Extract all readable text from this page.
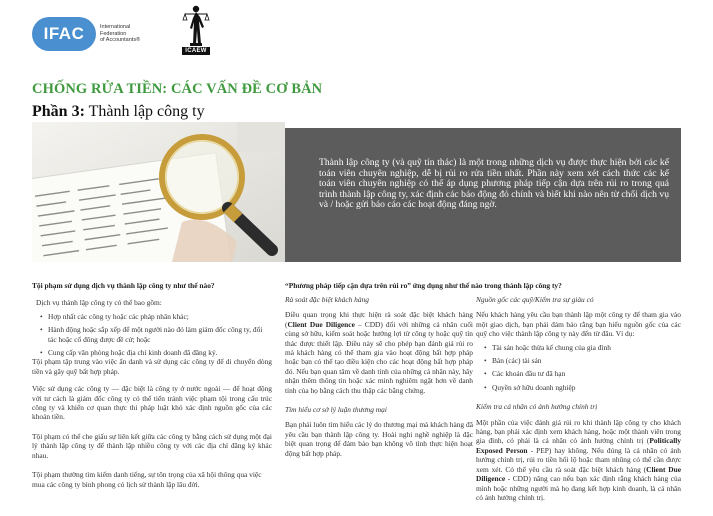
IFAC	International
Federation
of Accountants®
ICAEW
CHỐNG RỬA TIỀN: CÁC VẤN ĐỀ CƠ BẢN
Phần 3: Thành lập công ty
Thành lập công ty (và quỹ tín thác) là một trong những dịch vụ được thực hiện bởi các kế toán viên chuyên nghiệp, dễ bị rủi ro rửa tiền nhất. Phần này xem xét cách thức các kế toán viên chuyên nghiệp có thể áp dụng phương pháp tiếp cận dựa trên rủi ro trong quá trình thành lập công ty, xác định các báo động đỏ chính và biết khi nào nên từ chối dịch vụ và / hoặc gửi báo cáo các hoạt động đáng ngờ.
Tội phạm sử dụng dịch vụ thành lập công ty như thế nào?
Dịch vụ thành lập công ty có thể bao gồm:
• Hợp nhất các công ty hoặc các pháp nhân khác;
• Hành động hoặc sắp xếp để một người nào đó làm giám đốc công ty, đối tác hoặc cổ đông được đề cử; hoặc
• Cung cấp văn phòng hoặc địa chỉ kinh doanh đã đăng ký.
Tội phạm tập trung vào việc ẩn danh và sử dụng các công ty để di chuyển dòng tiền và gây quỹ bất hợp pháp.
Việc sử dụng các công ty — đặc biệt là công ty ở nước ngoài — để hoạt động với tư cách là giám đốc công ty có thể tiến tránh việc phạm tội trong cấu trúc công ty và khiến cơ quan thực thi pháp luật khó xác định nguồn gốc của các khoản tiền.
Tội phạm có thể che giấu sự liên kết giữa các công ty bằng cách sử dụng một đại lý thành lập công ty để thành lập nhiều công ty với các địa chỉ đăng ký khác nhau.
Tội phạm thường tìm kiếm danh tiếng, sự tôn trọng của xã hội thông qua việc mua các công ty bình phong có lịch sử thành lập lâu đời.
“Phương pháp tiếp cận dựa trên rủi ro” ứng dụng như thế nào trong thành lập công ty?
Rà soát đặc biệt khách hàng
Điều quan trọng khi thực hiện rà soát đặc biệt khách hàng (Client Due Diligence – CDD) đối với những cá nhân cuối cùng sở hữu, kiểm soát hoặc hưởng lợi từ công ty hoặc quỹ tín thác được thiết lập. Điều này sẽ cho phép bạn đánh giá rủi ro mà khách hàng có thể tham gia vào hoạt động bất hợp pháp hoặc bạn có thể tạo điều kiện cho các hoạt động bất hợp pháp đó. Nếu bạn quan tâm về danh tính của những cá nhân này, hãy nhận thêm thông tin hoặc xác minh nghiêm ngặt hơn về danh tính của họ bằng cách thu thập các bằng chứng.
Tìm hiểu cơ sở lý luận thương mại
Bạn phải luôn tìm hiểu các lý do thương mại mà khách hàng đã yêu cầu bạn thành lập công ty. Hoài nghi nghề nghiệp là đặc biệt quan trọng để đảm bảo bạn không vô tình thực hiện hoạt động bất hợp pháp.
Nguồn gốc các quỹ/Kiểm tra sự giàu có
Nếu khách hàng yêu cầu bạn thành lập một công ty để tham gia vào một giao dịch, bạn phải đảm bảo rằng bạn hiểu nguồn gốc của các quỹ cho việc thành lập công ty này đến từ đâu. Ví dụ:
• Tài sản hoặc thừa kế chung của gia đình
• Bán (các) tài sản
• Các khoản đầu tư đã hạn
• Quyền sở hữu doanh nghiệp
Kiểm tra cá nhân có ảnh hưởng chính trị
Một phần của việc đánh giá rủi ro khi thành lập công ty cho khách hàng, bạn phải xác định xem khách hàng, hoặc một thành viên trong gia đình, có phải là cá nhân có ảnh hưởng chính trị (Politically Exposed Person - PEP) hay không. Nếu đúng là cá nhân có ảnh hưởng chính trị, rủi ro tiền hối lộ hoặc tham nhũng có thể cần được xem xét. Cỏ thể yêu cầu rà soát đặc biệt khách hàng (Client Due Diligence - CDD) nâng cao nếu bạn xác định rằng khách hàng của mình hoặc những người mà họ đang kết hợp kinh doanh, là cá nhân có ảnh hưởng chính trị.
